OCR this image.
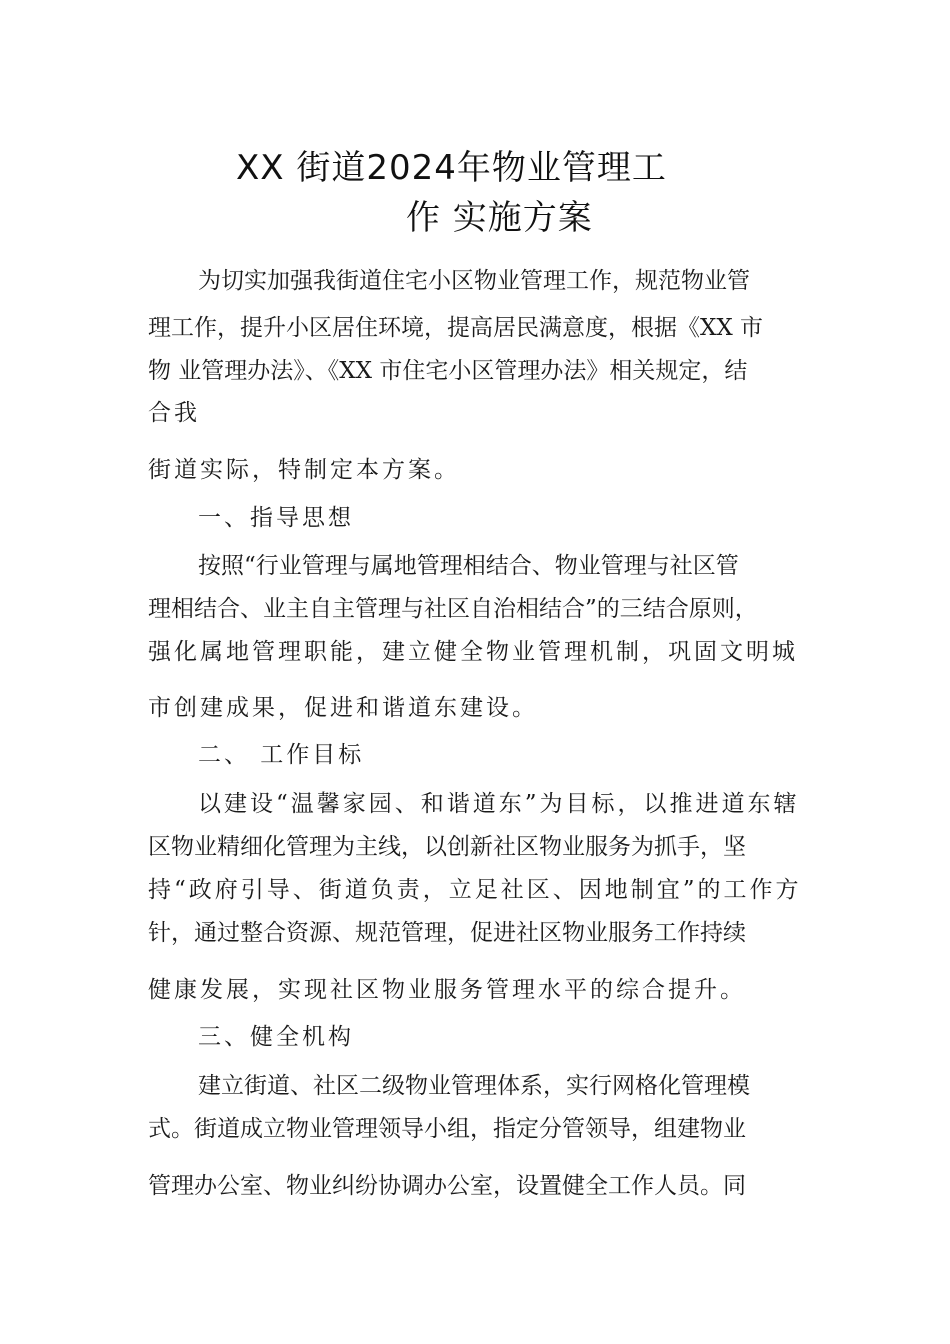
XX 街道2024年物业管理工
作 实施方案
为切实加强我街道住宅小区物业管理工作，规范物业管
理工作，提升小区居住环境，提高居民满意度，根据《XX 市
物 业管理办法》、《XX 市住宅小区管理办法》相关规定，结
合我
街道实际，特制定本方案。
一、指导思想
按照“行业管理与属地管理相结合、物业管理与社区管
理相结合、业主自主管理与社区自治相结合”的三结合原则，
强化属地管理职能，建立健全物业管理机制，巩固文明城
市创建成果，促进和谐道东建设。
二、 工作目标
以建设“温馨家园、和谐道东”为目标，以推进道东辖
区物业精细化管理为主线，以创新社区物业服务为抓手，坚
持“政府引导、街道负责，立足社区、因地制宜”的工作方
针，通过整合资源、规范管理，促进社区物业服务工作持续
健康发展，实现社区物业服务管理水平的综合提升。
三、健全机构
建立街道、社区二级物业管理体系，实行网格化管理模
式。街道成立物业管理领导小组，指定分管领导，组建物业
管理办公室、物业纠纷协调办公室，设置健全工作人员。同
